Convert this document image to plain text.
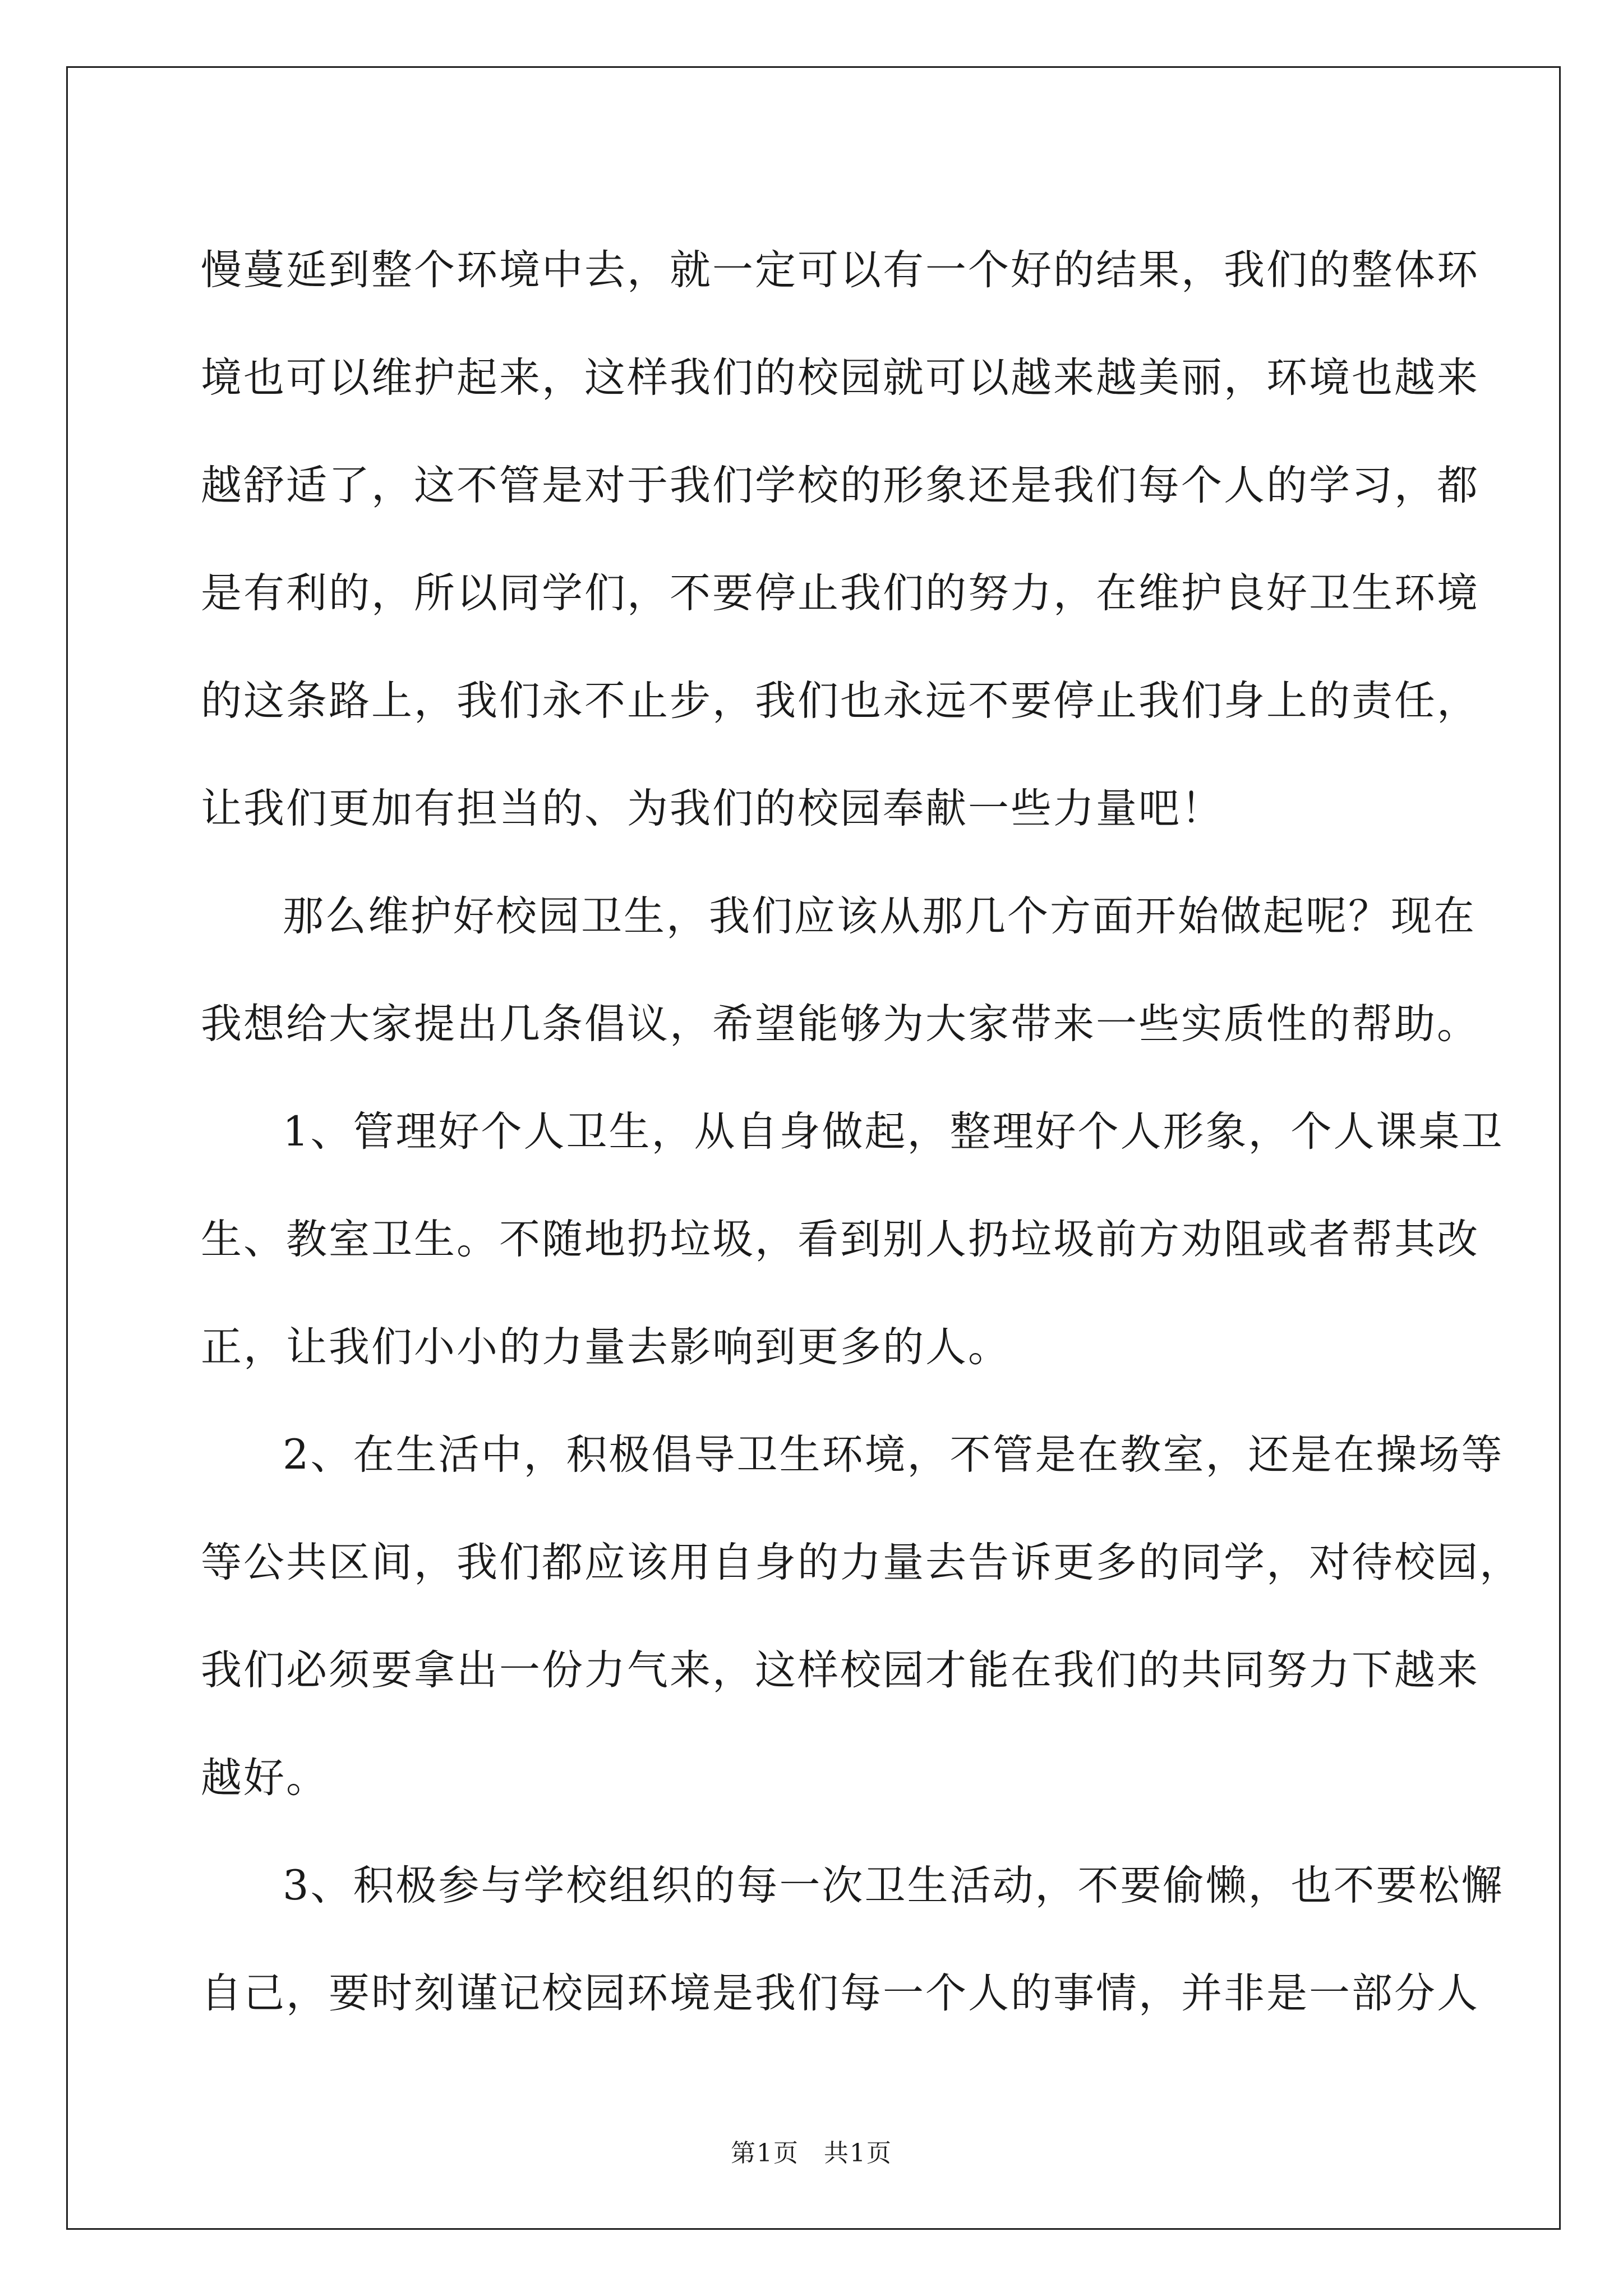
慢蔓延到整个环境中去，就一定可以有一个好的结果，我们的整体环
境也可以维护起来，这样我们的校园就可以越来越美丽，环境也越来
越舒适了，这不管是对于我们学校的形象还是我们每个人的学习，都
是有利的，所以同学们，不要停止我们的努力，在维护良好卫生环境
的这条路上，我们永不止步，我们也永远不要停止我们身上的责任，
让我们更加有担当的、为我们的校园奉献一些力量吧！
那么维护好校园卫生，我们应该从那几个方面开始做起呢？现在
我想给大家提出几条倡议，希望能够为大家带来一些实质性的帮助。
1、管理好个人卫生，从自身做起，整理好个人形象，个人课桌卫
生、教室卫生。不随地扔垃圾，看到别人扔垃圾前方劝阻或者帮其改
正，让我们小小的力量去影响到更多的人。
2、在生活中，积极倡导卫生环境，不管是在教室，还是在操场等
等公共区间，我们都应该用自身的力量去告诉更多的同学，对待校园，
我们必须要拿出一份力气来，这样校园才能在我们的共同努力下越来
越好。
3、积极参与学校组织的每一次卫生活动，不要偷懒，也不要松懈
自己，要时刻谨记校园环境是我们每一个人的事情，并非是一部分人
第1页 共1页
